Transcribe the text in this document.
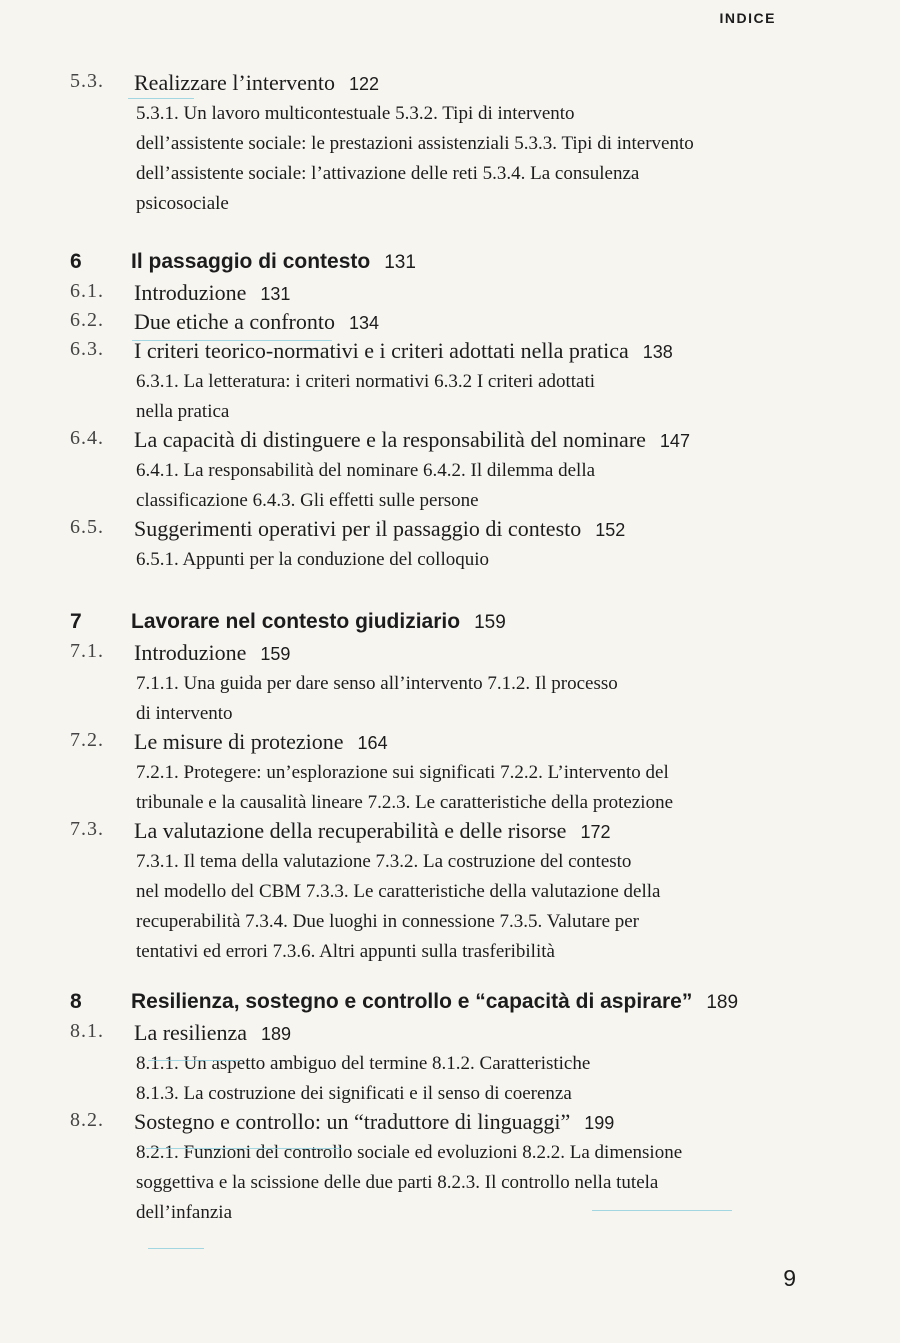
INDICE
5.3. Realizzare l’intervento 122
5.3.1. Un lavoro multicontestuale 5.3.2. Tipi di intervento
dell’assistente sociale: le prestazioni assistenziali 5.3.3. Tipi di intervento
dell’assistente sociale: l’attivazione delle reti 5.3.4. La consulenza
psicosociale
6 Il passaggio di contesto 131
6.1. Introduzione 131
6.2. Due etiche a confronto 134
6.3. I criteri teorico-normativi e i criteri adottati nella pratica 138
6.3.1. La letteratura: i criteri normativi 6.3.2 I criteri adottati
nella pratica
6.4. La capacità di distinguere e la responsabilità del nominare 147
6.4.1. La responsabilità del nominare 6.4.2. Il dilemma della
classificazione 6.4.3. Gli effetti sulle persone
6.5. Suggerimenti operativi per il passaggio di contesto 152
6.5.1. Appunti per la conduzione del colloquio
7 Lavorare nel contesto giudiziario 159
7.1. Introduzione 159
7.1.1. Una guida per dare senso all’intervento 7.1.2. Il processo
di intervento
7.2. Le misure di protezione 164
7.2.1. Protegere: un’esplorazione sui significati 7.2.2. L’intervento del
tribunale e la causalità lineare 7.2.3. Le caratteristiche della protezione
7.3. La valutazione della recuperabilità e delle risorse 172
7.3.1. Il tema della valutazione 7.3.2. La costruzione del contesto
nel modello del CBM 7.3.3. Le caratteristiche della valutazione della
recuperabilità 7.3.4. Due luoghi in connessione 7.3.5. Valutare per
tentativi ed errori 7.3.6. Altri appunti sulla trasferibilità
8 Resilienza, sostegno e controllo e “capacità di aspirare” 189
8.1. La resilienza 189
8.1.1. Un aspetto ambiguo del termine 8.1.2. Caratteristiche
8.1.3. La costruzione dei significati e il senso di coerenza
8.2. Sostegno e controllo: un “traduttore di linguaggi” 199
8.2.1. Funzioni del controllo sociale ed evoluzioni 8.2.2. La dimensione
soggettiva e la scissione delle due parti 8.2.3. Il controllo nella tutela
dell’infanzia
9
